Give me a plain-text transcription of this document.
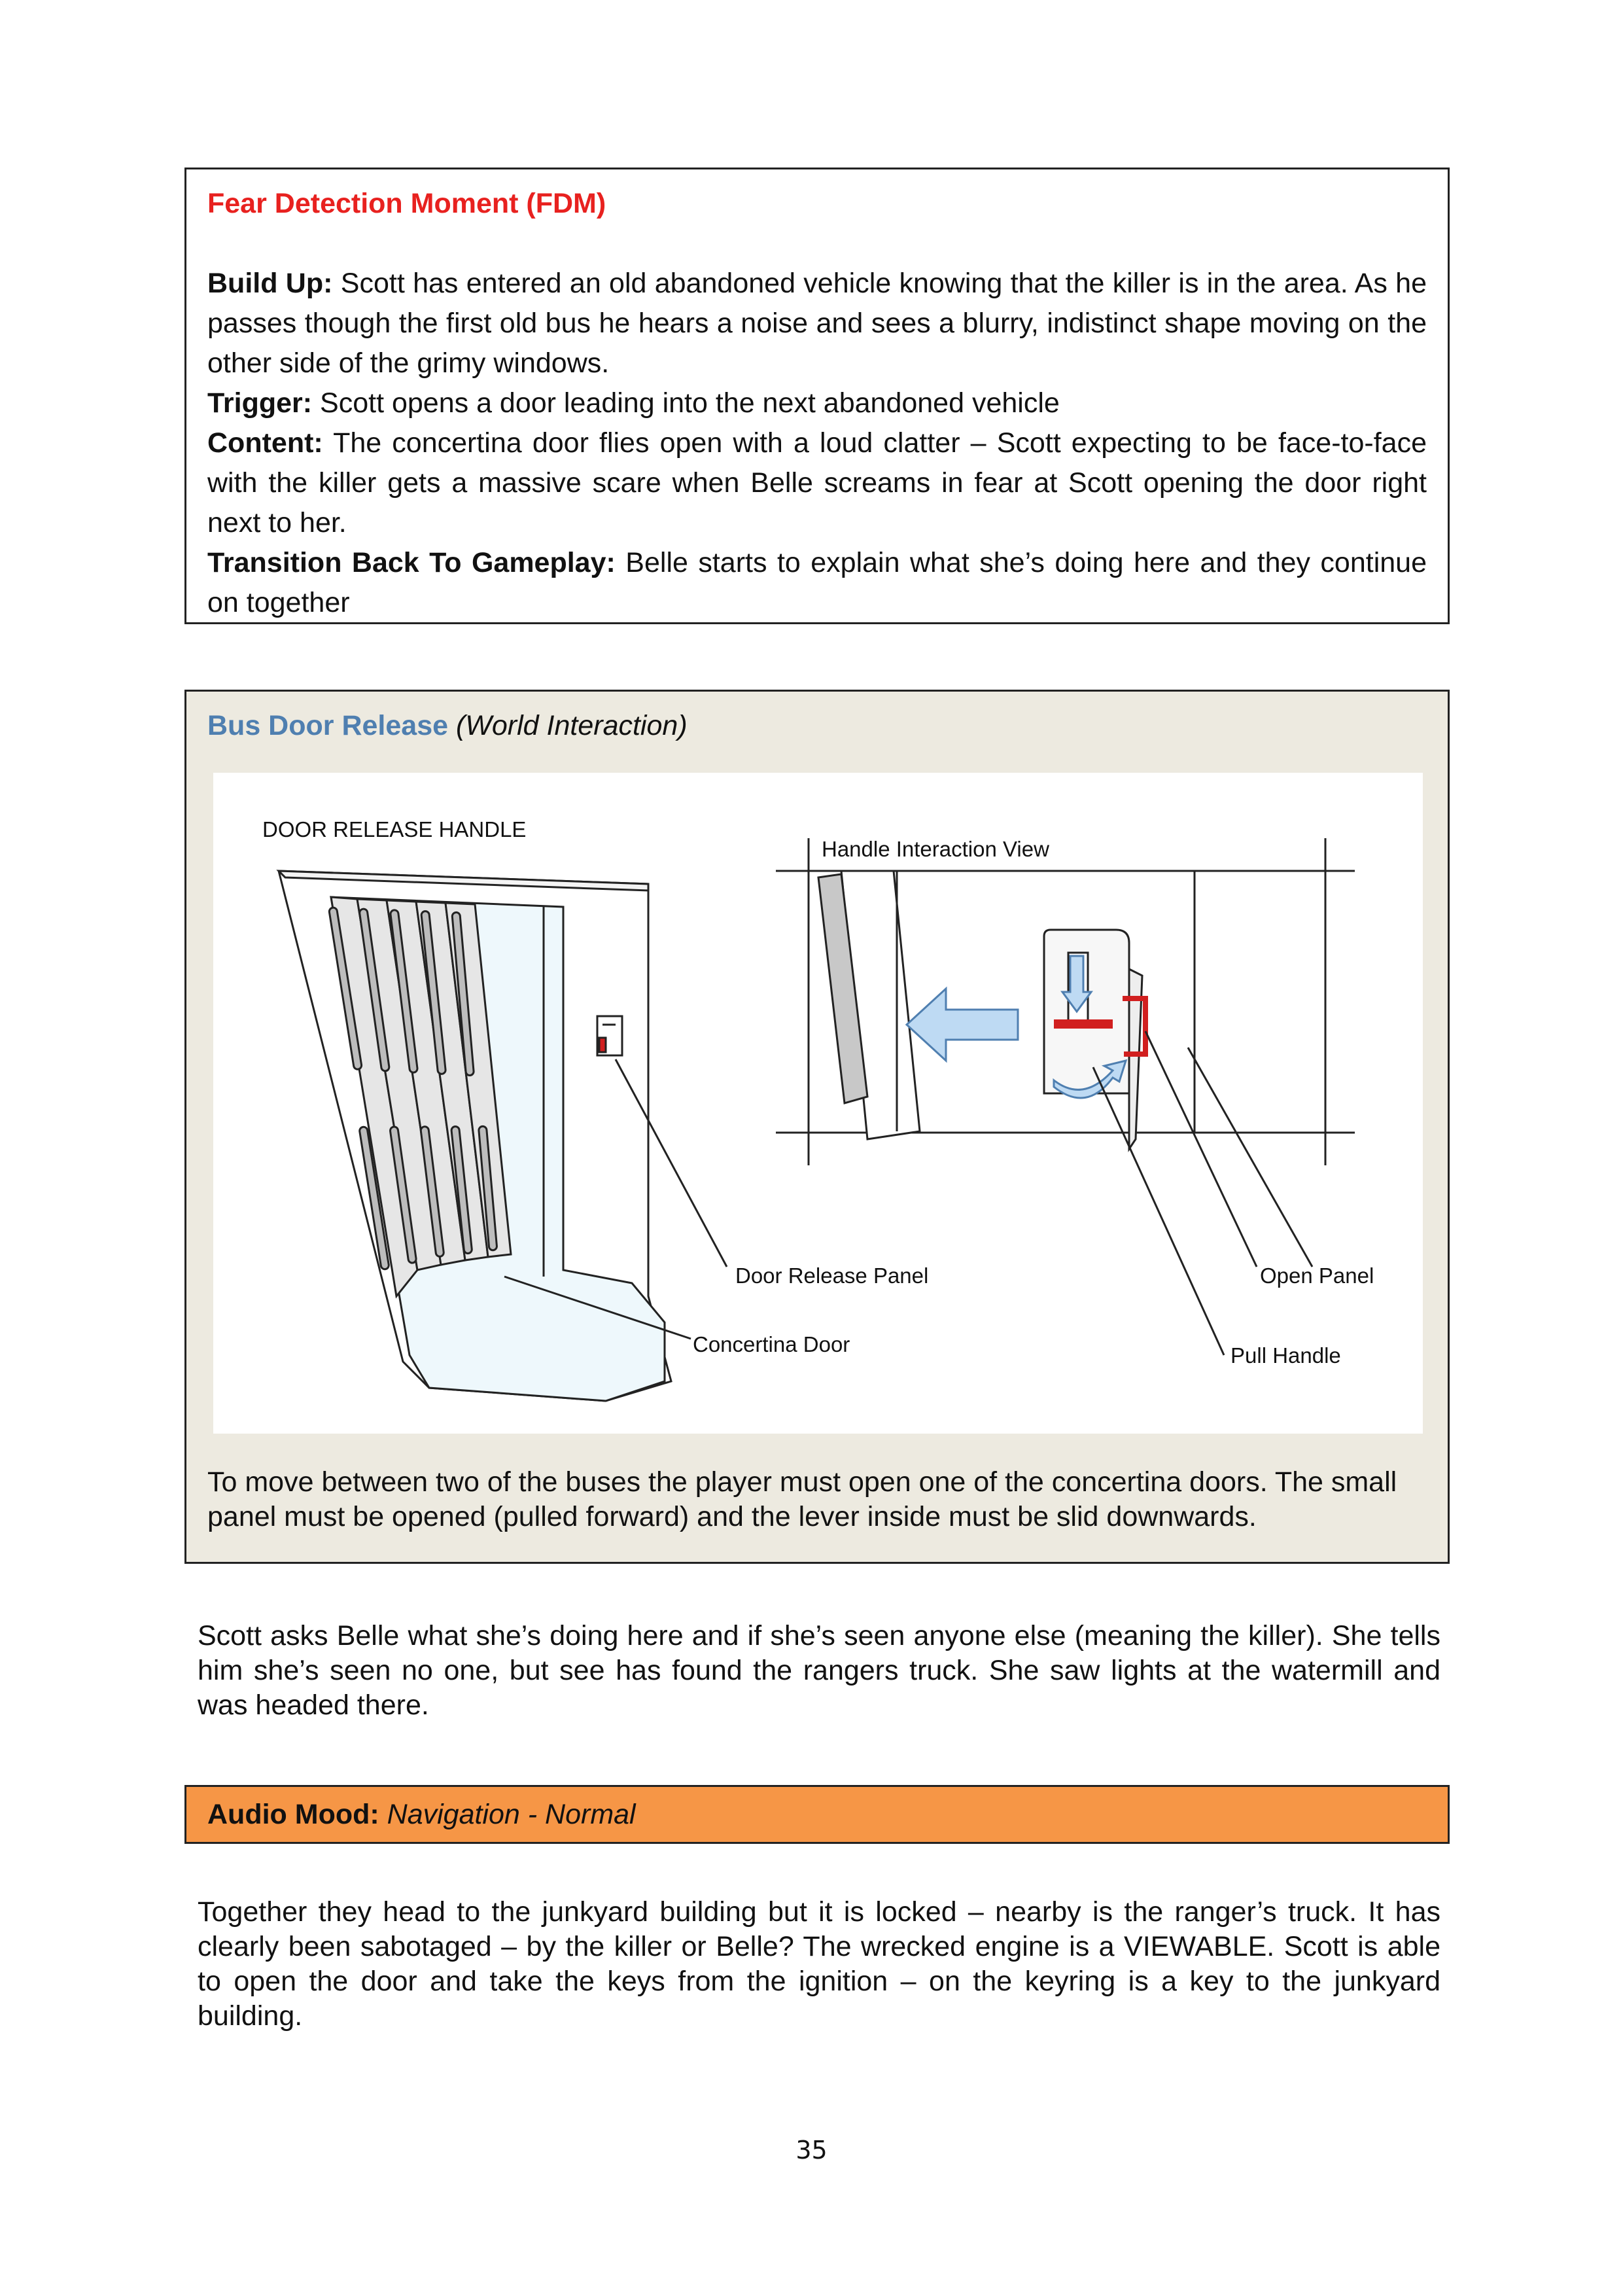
Fear Detection Moment (FDM)

Build Up: Scott has entered an old abandoned vehicle knowing that the killer is in the area. As he passes though the first old bus he hears a noise and sees a blurry, indistinct shape moving on the other side of the grimy windows.

Trigger: Scott opens a door leading into the next abandoned vehicle

Content: The concertina door flies open with a loud clatter – Scott expecting to be face-to-face with the killer gets a massive scare when Belle screams in fear at Scott opening the door right next to her.

Transition Back To Gameplay: Belle starts to explain what she’s doing here and they continue on together

Bus Door Release (World Interaction)
DOOR RELEASE HANDLE
Door Release Panel
Concertina Door
Handle Interaction View
Open Panel
Pull Handle

To move between two of the buses the player must open one of the concertina doors. The small panel must be opened (pulled forward) and the lever inside must be slid downwards.

Scott asks Belle what she’s doing here and if she’s seen anyone else (meaning the killer). She tells him she’s seen no one, but see has found the rangers truck. She saw lights at the watermill and was headed there.

Audio Mood: Navigation - Normal

Together they head to the junkyard building but it is locked – nearby is the ranger’s truck. It has clearly been sabotaged – by the killer or Belle? The wrecked engine is a VIEWABLE. Scott is able to open the door and take the keys from the ignition – on the keyring is a key to the junkyard building.

35
